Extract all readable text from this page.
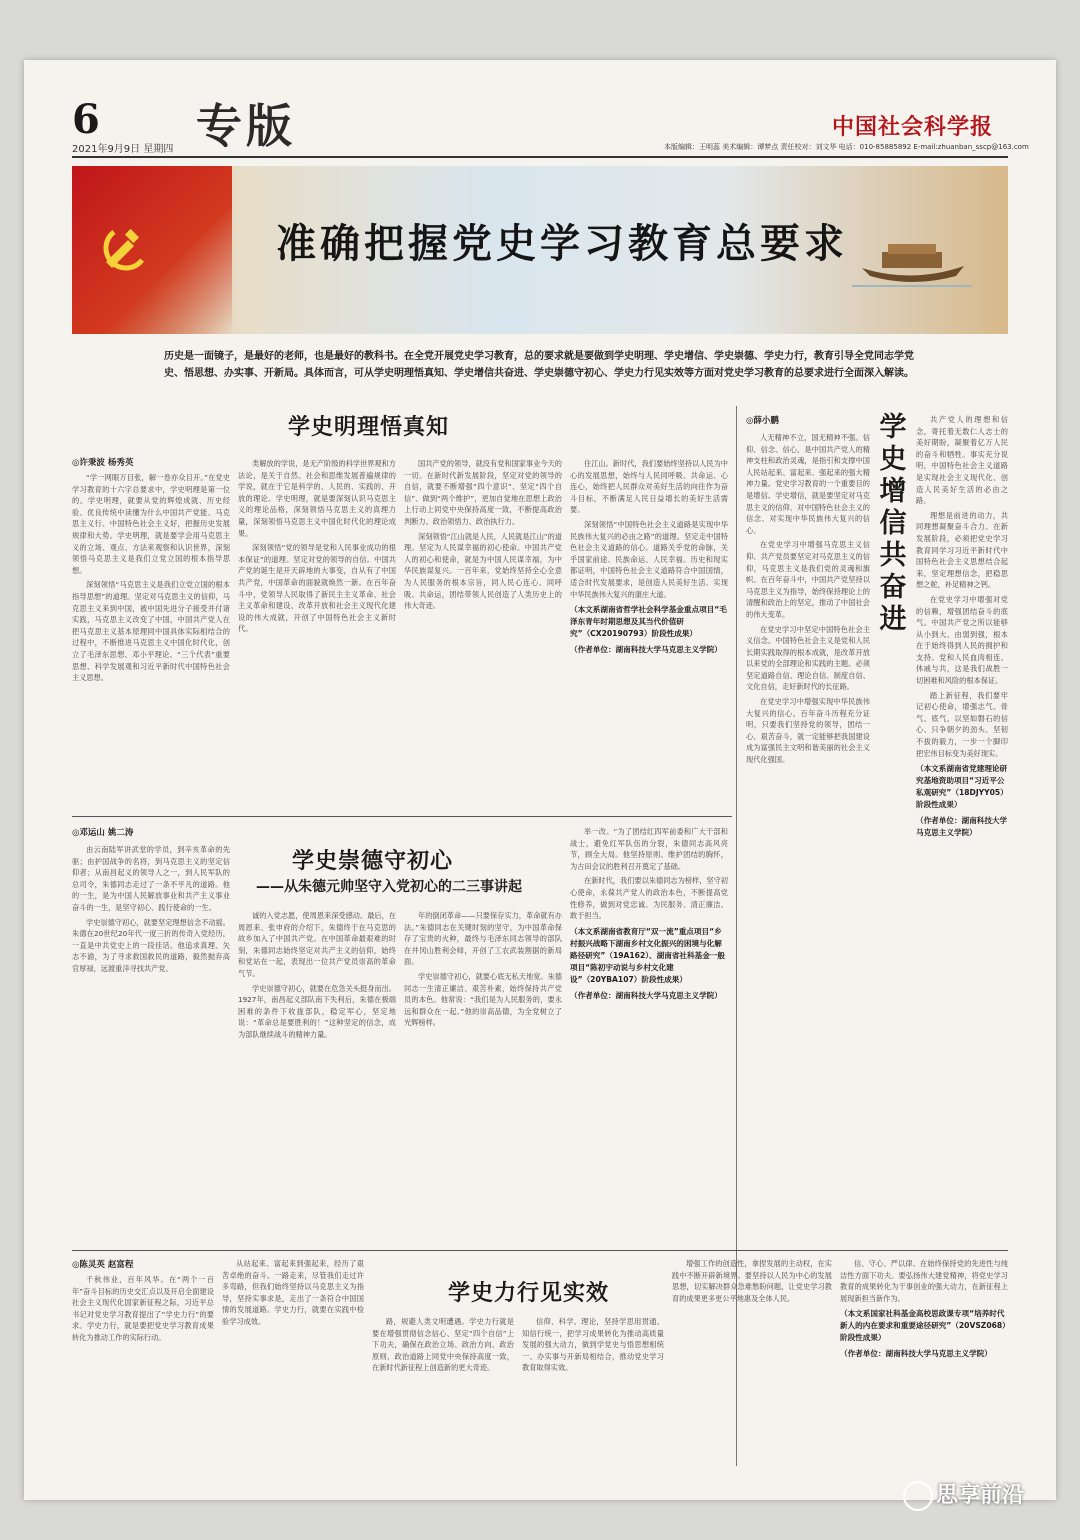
6 专版
2021年9月9日 星期四
中国社会科学报
本版编辑：王明蕊 美术编辑：谭梦点 责任校对：刘文华 电话：010-85885892 E-mail:zhuanban_sscp@163.com
准确把握党史学习教育总要求
历史是一面镜子，是最好的老师，也是最好的教科书。在全党开展党史学习教育，总的要求就是要做到学史明理、学史增信、学史崇德、学史力行，教育引导全党同志学党史、悟思想、办实事、开新局。具体而言，可从学史明理悟真知、学史增信共奋进、学史崇德守初心、学史力行见实效等方面对党史学习教育的总要求进行全面深入解读。
学史明理悟真知
◎许秉波 杨秀英

“学一网眼万目张，解一卷亦众目开。”在党史学习教育的十六字总要求中，学史明理是第一位的。学史明理，就要从党的辉煌成就、历史经验、优良传统中读懂为什么中国共产党能、马克思主义行、中国特色社会主义好，把握历史发展规律和大势。学史明理，就是要学会用马克思主义的立场、观点、方法来观察和认识世界，深刻领悟马克思主义是我们立党立国的根本指导思想。

深刻领悟“马克思主义是我们立党立国的根本指导思想”的道理。坚定对马克思主义的信仰，马克思主义来到中国，被中国先进分子接受并付诸实践，马克思主义改变了中国，中国共产党人在把马克思主义基本原理同中国具体实际相结合的过程中，不断推进马克思主义中国化时代化，创立了毛泽东思想、邓小平理论、“三个代表”重要思想、科学发展观和习近平新时代中国特色社会主义思想。

类解放的学说，是无产阶级的科学世界观和方法论，是关于自然、社会和思维发展普遍规律的学说，就在于它是科学的、人民的、实践的、开放的理论。学史明理，就是要深刻认识马克思主义的理论品格，深刻领悟马克思主义的真理力量，深刻领悟马克思主义中国化时代化的理论成果。

深刻领悟“党的领导是党和人民事业成功的根本保证”的道理。坚定对党的领导的自信。中国共产党的诞生是开天辟地的大事变，自从有了中国共产党，中国革命的面貌就焕然一新。在百年奋斗中，党领导人民取得了新民主主义革命、社会主义革命和建设、改革开放和社会主义现代化建设的伟大成就，开创了中国特色社会主义新时代。

国共产党的领导，就没有党和国家事业今天的一切。在新时代新发展阶段，坚定对党的领导的自信，就要不断增强“四个意识”、坚定“四个自信”、做到“两个维护”，更加自觉地在思想上政治上行动上同党中央保持高度一致，不断提高政治判断力、政治领悟力、政治执行力。

深刻领悟“江山就是人民，人民就是江山”的道理。坚定为人民谋幸福的初心使命。中国共产党人的初心和使命，就是为中国人民谋幸福，为中华民族谋复兴。一百年来，党始终坚持全心全意为人民服务的根本宗旨，同人民心连心、同呼吸、共命运，团结带领人民创造了人类历史上的伟大奇迹。

住江山。新时代，我们要始终坚持以人民为中心的发展思想，始终与人民同呼吸、共命运、心连心，始终把人民群众对美好生活的向往作为奋斗目标，不断满足人民日益增长的美好生活需要。

深刻领悟“中国特色社会主义道路是实现中华民族伟大复兴的必由之路”的道理。坚定走中国特色社会主义道路的信心。道路关乎党的命脉，关乎国家前途、民族命运、人民幸福。历史和现实都证明，中国特色社会主义道路符合中国国情，适合时代发展要求，是创造人民美好生活、实现中华民族伟大复兴的康庄大道。

（本文系湖南省哲学社会科学基金重点项目“毛泽东青年时期思想及其当代价值研究”（CX20190793）阶段性成果）

（作者单位：湖南科技大学马克思主义学院）

◎薛小鹏	学史增信共奋进

人无精神不立，国无精神不强。信仰、信念、信心，是中国共产党人的精神支柱和政治灵魂，是指引和支撑中国人民站起来、富起来、强起来的强大精神力量。党史学习教育的一个重要目的是增信。学史增信，就是要坚定对马克思主义的信仰、对中国特色社会主义的信念、对实现中华民族伟大复兴的信心。

在党史学习中增强马克思主义信仰。共产党员要坚定对马克思主义的信仰，马克思主义是我们党的灵魂和旗帜。在百年奋斗中，中国共产党坚持以马克思主义为指导，始终保持理论上的清醒和政治上的坚定，推动了中国社会的伟大变革。

在党史学习中坚定中国特色社会主义信念。中国特色社会主义是党和人民长期实践取得的根本成就，是改革开放以来党的全部理论和实践的主题。必须坚定道路自信、理论自信、制度自信、文化自信，走好新时代的长征路。

在党史学习中增强实现中华民族伟大复兴的信心。百年奋斗历程充分证明，只要我们坚持党的领导，团结一心、艰苦奋斗，就一定能够把我国建设成为富强民主文明和谐美丽的社会主义现代化强国。

共产党人的理想和信念，寄托着无数仁人志士的美好期盼，凝聚着亿万人民的奋斗和牺牲。事实充分说明，中国特色社会主义道路是实现社会主义现代化、创造人民美好生活的必由之路。

理想是前进的动力，共同理想凝聚奋斗合力。在新发展阶段，必须把党史学习教育同学习习近平新时代中国特色社会主义思想结合起来，坚定理想信念，把稳思想之舵，补足精神之钙。

在党史学习中增强对党的信赖，增强团结奋斗的底气。中国共产党之所以能够从小到大、由弱到强，根本在于始终得到人民的拥护和支持。党和人民血肉相连、休戚与共，这是我们战胜一切困难和风险的根本保证。

踏上新征程，我们要牢记初心使命，增强志气、骨气、底气，以坚如磐石的信心、只争朝夕的劲头、坚韧不拔的毅力，一步一个脚印把宏伟目标变为美好现实。

（本文系湖南省党建理论研究基地资助项目“习近平公私观研究”（18DJYY05）阶段性成果）

（作者单位：湖南科技大学马克思主义学院）

◎邓运山 姚二涛
学史崇德守初心
——从朱德元帅坚守入党初心的二三事讲起

由云南陆军讲武堂的学员，到辛亥革命的先驱；由护国战争的名将，到马克思主义的坚定信仰者；从南昌起义的领导人之一，到人民军队的总司令，朱德同志走过了一条不平凡的道路。他的一生，是为中国人民解放事业和共产主义事业奋斗的一生，是坚守初心、践行使命的一生。

学史崇德守初心，就要坚定理想信念不动摇。朱德在20世纪20年代一度三折的传奇入党经历，一直是中共党史上的一段佳话。他追求真理、矢志不渝，为了寻求救国救民的道路，毅然抛弃高官厚禄，远渡重洋寻找共产党。

诚的入党志愿，使周恩来深受感动。最后，在周恩来、张申府的介绍下，朱德终于在马克思的故乡加入了中国共产党。在中国革命最艰难的时刻，朱德同志始终坚定对共产主义的信仰，始终和党站在一起，表现出一位共产党员崇高的革命气节。

学史崇德守初心，就要在危急关头挺身而出。1927年，南昌起义部队南下失利后，朱德在极端困难的条件下收拢部队，稳定军心，坚定地说：“革命总是要胜利的！”这种坚定的信念，成为部队继续战斗的精神力量。

年的倒闭革命——只要保存实力，革命就有办法。”朱德同志在关键时刻的坚守，为中国革命保存了宝贵的火种，最终与毛泽东同志领导的部队在井冈山胜利会师，开创了工农武装割据的新局面。

学史崇德守初心，就要心底无私天地宽。朱德同志一生清正廉洁、艰苦朴素，始终保持共产党员的本色。他常说：“我们是为人民服务的，要永远和群众在一起。”他的崇高品德，为全党树立了光辉榜样。

举一改。“为了团结红四军前委和广大干部和战士，避免红军队伍的分裂，朱德同志高风亮节，顾全大局。他坚持原则、维护团结的胸怀，为古田会议的胜利召开奠定了基础。

在新时代，我们要以朱德同志为榜样，坚守初心使命，永葆共产党人的政治本色，不断提高党性修养，做到对党忠诚、为民服务、清正廉洁、敢于担当。

（本文系湖南省教育厅“双一流”重点项目“乡村振兴战略下湖南乡村文化振兴的困境与化解路径研究”（19A162）、湖南省社科基金一般项目“陈初宇动说与乡村文化建设”（20YBA107）阶段性成果）

（作者单位：湖南科技大学马克思主义学院）

◎陈灵英 赵富程
学史力行见实效

千秋伟业，百年风华。在“两个一百年”奋斗目标的历史交汇点以及开启全面建设社会主义现代化国家新征程之际，习近平总书记对党史学习教育提出了“学史力行”的要求。学史力行，就是要把党史学习教育成果转化为推动工作的实际行动。

从站起来、富起来到强起来，经历了艰苦卓绝的奋斗。一路走来，尽管我们走过许多弯路，但我们始终坚持以马克思主义为指导，坚持实事求是，走出了一条符合中国国情的发展道路。学史力行，就要在实践中检验学习成效。	路，规避人类文明遭遇。学史力行就是要在增强贯彻信念信心、坚定“四个自信”上下功夫，确保在政治立场、政治方向、政治原则、政治道路上同党中央保持高度一致，在新时代新征程上创造新的更大奇迹。

信仰、科学、理论，坚持学思用贯通、知信行统一，把学习成果转化为推动高质量发展的强大动力，做到学党史与悟思想相统一、办实事与开新局相结合，推动党史学习教育取得实效。

增强工作的创造性，拿捏发展的主动权，在实践中不断开辟新境界。要坚持以人民为中心的发展思想，切实解决群众急难愁盼问题，让党史学习教育的成果更多更公平地惠及全体人民。

信、守心、严以律、在始终保持党的先进性与纯洁性方面下功夫。要弘扬伟大建党精神，将党史学习教育的成果转化为干事创业的强大动力，在新征程上展现新担当新作为。

（本文系国家社科基金高校思政课专项“培养时代新人的内在要求和重要途径研究”（20VSZ068）阶段性成果）

（作者单位：湖南科技大学马克思主义学院）

思享前沿
